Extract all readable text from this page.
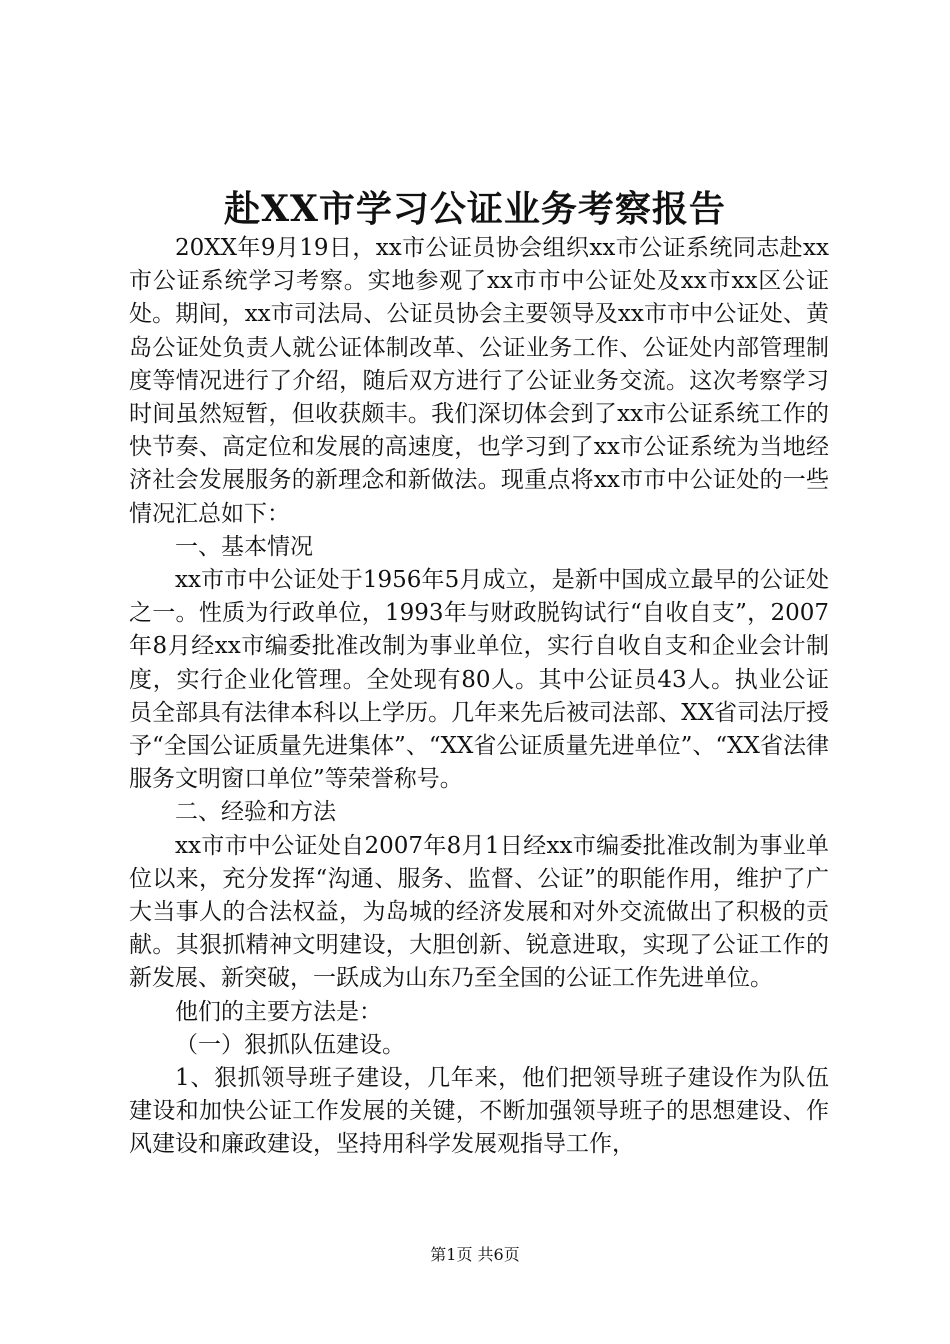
赴XX市学习公证业务考察报告

20XX年9月19日，xx市公证员协会组织xx市公证系统同志赴xx市公证系统学习考察。实地参观了xx市市中公证处及xx市xx区公证处。期间，xx市司法局、公证员协会主要领导及xx市市中公证处、黄岛公证处负责人就公证体制改革、公证业务工作、公证处内部管理制度等情况进行了介绍，随后双方进行了公证业务交流。这次考察学习时间虽然短暂，但收获颇丰。我们深切体会到了xx市公证系统工作的快节奏、高定位和发展的高速度，也学习到了xx市公证系统为当地经济社会发展服务的新理念和新做法。现重点将xx市市中公证处的一些情况汇总如下：

一、基本情况

xx市市中公证处于1956年5月成立，是新中国成立最早的公证处之一。性质为行政单位，1993年与财政脱钩试行“自收自支”，2007年8月经xx市编委批准改制为事业单位，实行自收自支和企业会计制度，实行企业化管理。全处现有80人。其中公证员43人。执业公证员全部具有法律本科以上学历。几年来先后被司法部、XX省司法厅授予“全国公证质量先进集体”、“XX省公证质量先进单位”、“XX省法律服务文明窗口单位”等荣誉称号。

二、经验和方法

xx市市中公证处自2007年8月1日经xx市编委批准改制为事业单位以来，充分发挥“沟通、服务、监督、公证”的职能作用，维护了广大当事人的合法权益，为岛城的经济发展和对外交流做出了积极的贡献。其狠抓精神文明建设，大胆创新、锐意进取，实现了公证工作的新发展、新突破，一跃成为山东乃至全国的公证工作先进单位。

他们的主要方法是：

（一）狠抓队伍建设。

1、狠抓领导班子建设，几年来，他们把领导班子建设作为队伍建设和加快公证工作发展的关键，不断加强领导班子的思想建设、作风建设和廉政建设，坚持用科学发展观指导工作，

第1页 共6页
